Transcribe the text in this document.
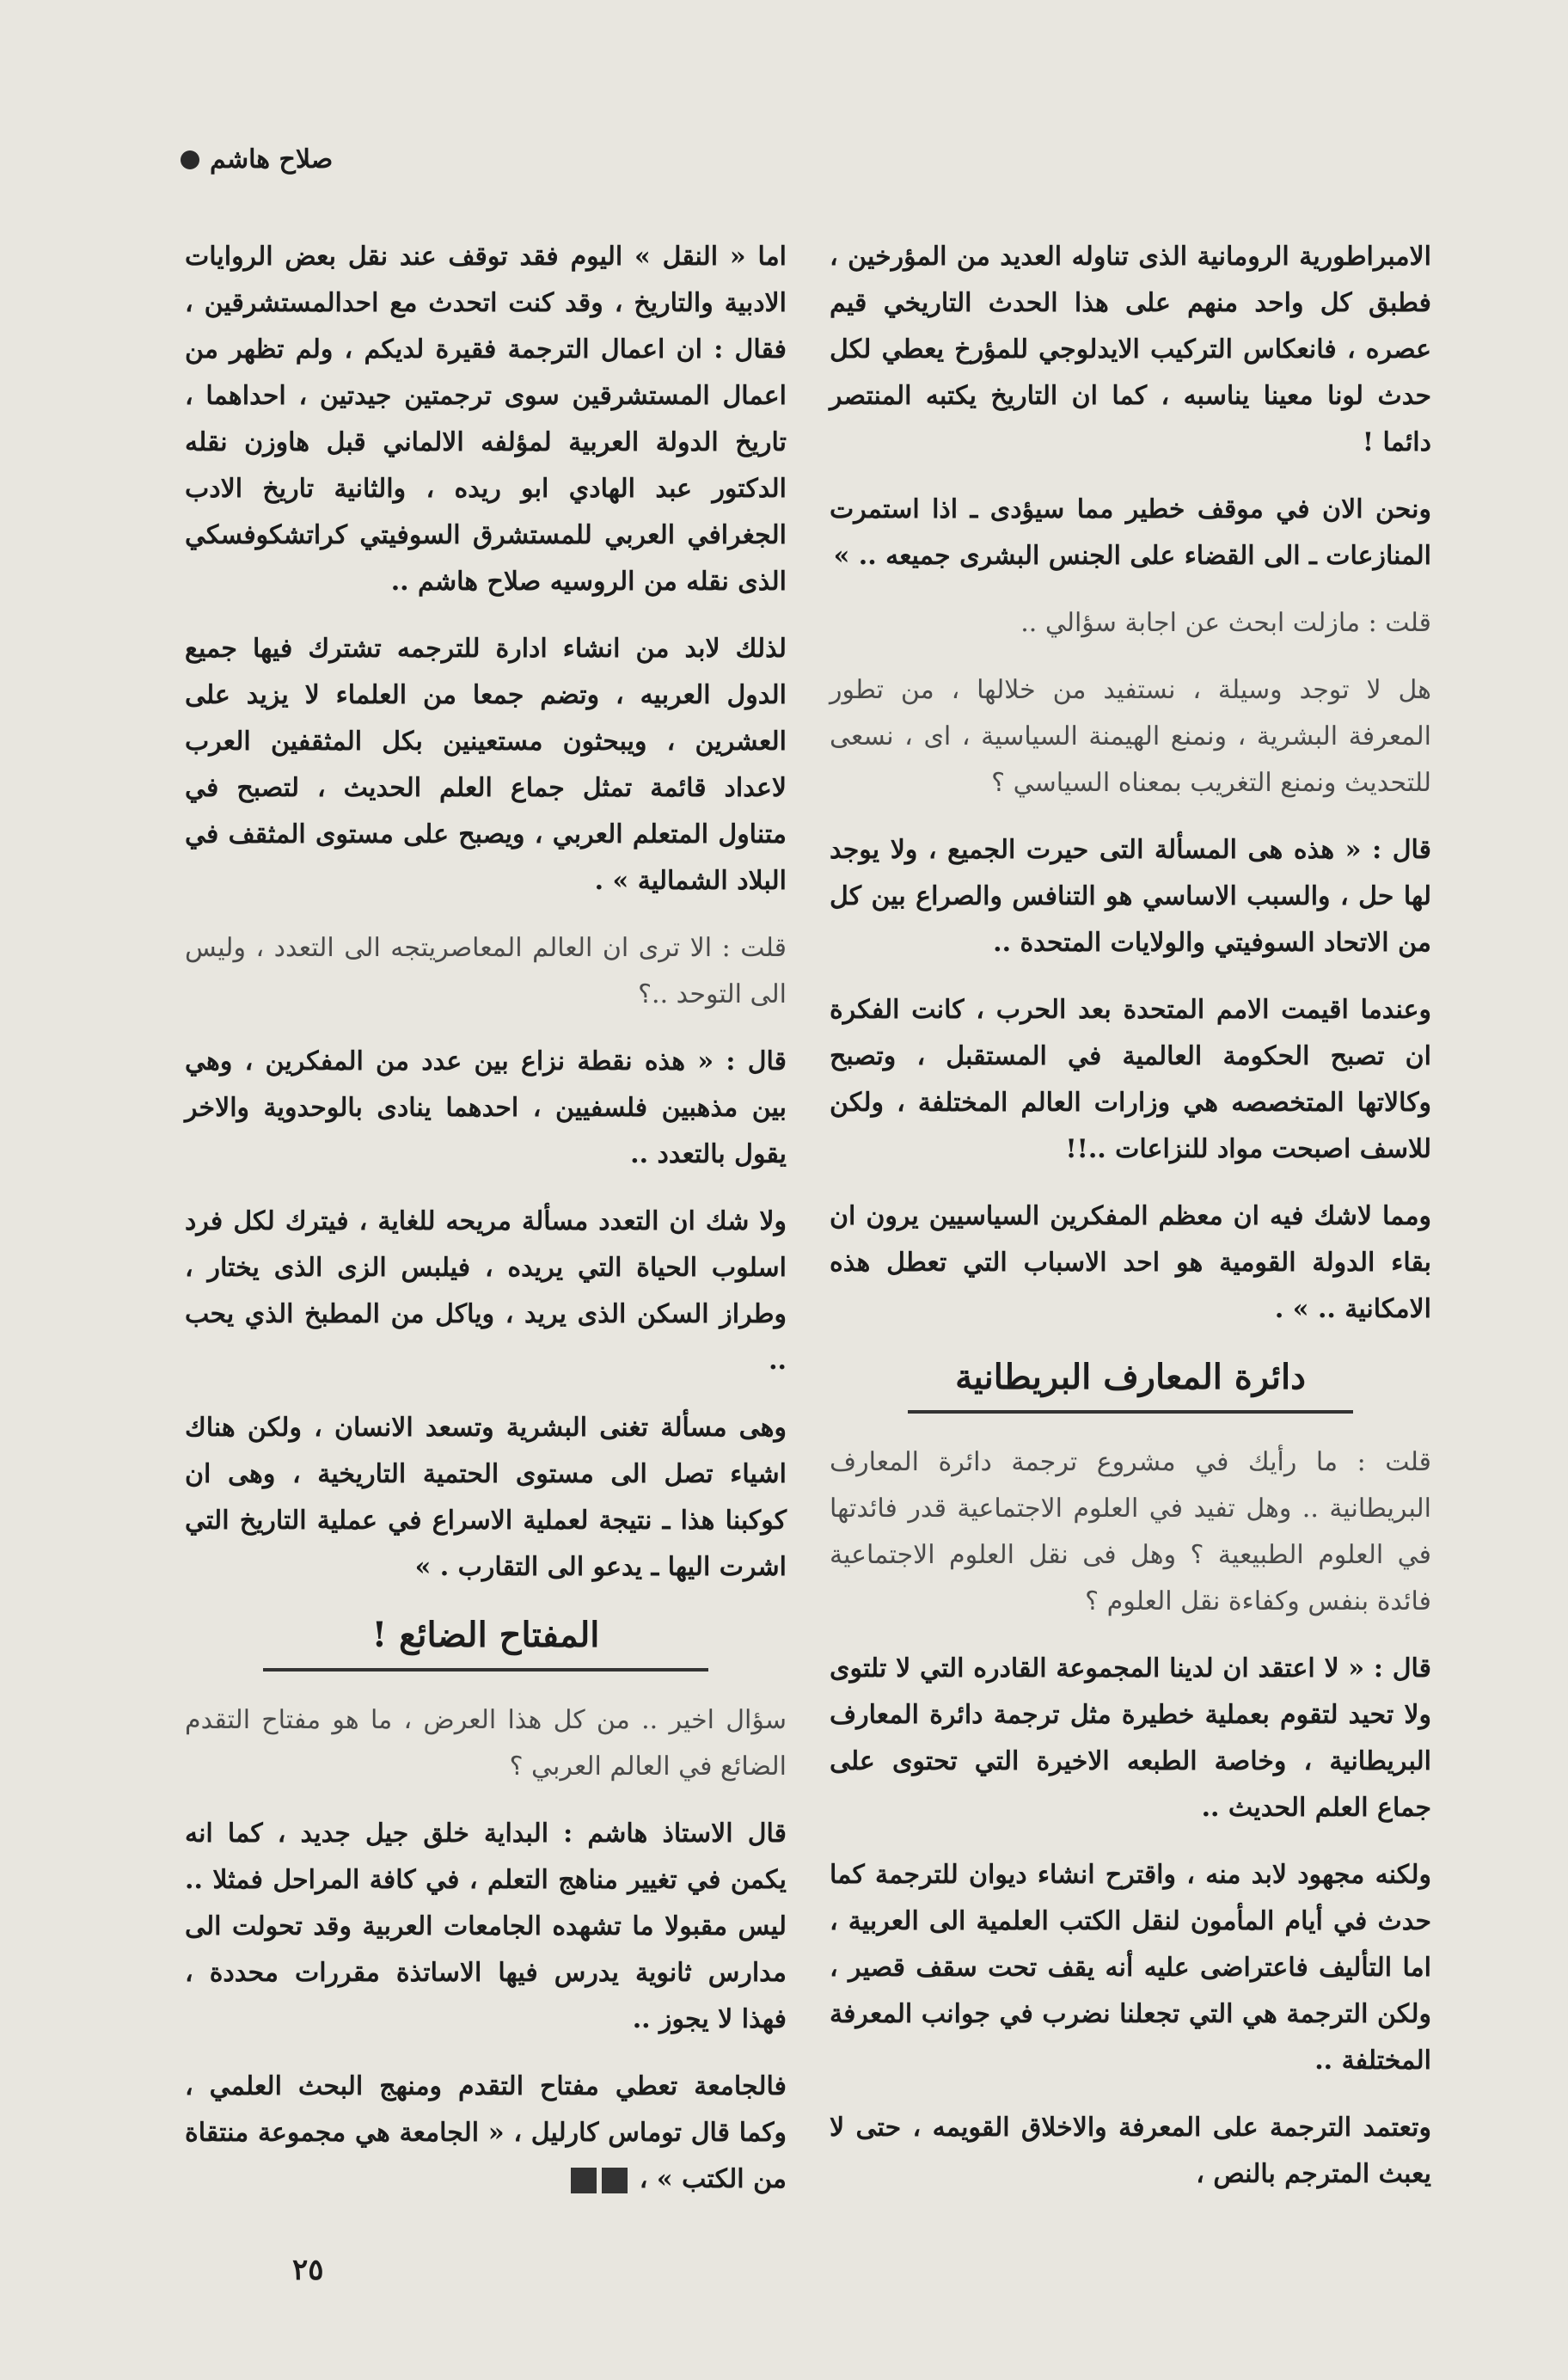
صلاح هاشم

الامبراطورية الرومانية الذى تناوله العديد من المؤرخين ، فطبق كل واحد منهم على هذا الحدث التاريخي قيم عصره ، فانعكاس التركيب الايدلوجي للمؤرخ يعطي لكل حدث لونا معينا يناسبه ، كما ان التاريخ يكتبه المنتصر دائما !

ونحن الان في موقف خطير مما سيؤدى ـ اذا استمرت المنازعات ـ الى القضاء على الجنس البشرى جميعه .. »

قلت : مازلت ابحث عن اجابة سؤالي ..

هل لا توجد وسيلة ، نستفيد من خلالها ، من تطور المعرفة البشرية ، ونمنع الهيمنة السياسية ، اى ، نسعى للتحديث ونمنع التغريب بمعناه السياسي ؟

قال : « هذه هى المسألة التى حيرت الجميع ، ولا يوجد لها حل ، والسبب الاساسي هو التنافس والصراع بين كل من الاتحاد السوفيتي والولايات المتحدة ..

وعندما اقيمت الامم المتحدة بعد الحرب ، كانت الفكرة ان تصبح الحكومة العالمية في المستقبل ، وتصبح وكالاتها المتخصصه هي وزارات العالم المختلفة ، ولكن للاسف اصبحت مواد للنزاعات ..!!

ومما لاشك فيه ان معظم المفكرين السياسيين يرون ان بقاء الدولة القومية هو احد الاسباب التي تعطل هذه الامكانية .. » .

دائرة المعارف البريطانية

قلت : ما رأيك في مشروع ترجمة دائرة المعارف البريطانية .. وهل تفيد في العلوم الاجتماعية قدر فائدتها في العلوم الطبيعية ؟ وهل فى نقل العلوم الاجتماعية فائدة بنفس وكفاءة نقل العلوم ؟

قال : « لا اعتقد ان لدينا المجموعة القادره التي لا تلتوى ولا تحيد لتقوم بعملية خطيرة مثل ترجمة دائرة المعارف البريطانية ، وخاصة الطبعه الاخيرة التي تحتوى على جماع العلم الحديث ..

ولكنه مجهود لابد منه ، واقترح انشاء ديوان للترجمة كما حدث في أيام المأمون لنقل الكتب العلمية الى العربية ، اما التأليف فاعتراضى عليه أنه يقف تحت سقف قصير ، ولكن الترجمة هي التي تجعلنا نضرب في جوانب المعرفة المختلفة ..

وتعتمد الترجمة على المعرفة والاخلاق القويمه ، حتى لا يعبث المترجم بالنص ،

اما « النقل » اليوم فقد توقف عند نقل بعض الروايات الادبية والتاريخ ، وقد كنت اتحدث مع احدالمستشرقين ، فقال : ان اعمال الترجمة فقيرة لديكم ، ولم تظهر من اعمال المستشرقين سوى ترجمتين جيدتين ، احداهما ، تاريخ الدولة العربية لمؤلفه الالماني قبل هاوزن نقله الدكتور عبد الهادي ابو ريده ، والثانية تاريخ الادب الجغرافي العربي للمستشرق السوفيتي كراتشكوفسكي الذى نقله من الروسيه صلاح هاشم ..

لذلك لابد من انشاء ادارة للترجمه تشترك فيها جميع الدول العربيه ، وتضم جمعا من العلماء لا يزيد على العشرين ، ويبحثون مستعينين بكل المثقفين العرب لاعداد قائمة تمثل جماع العلم الحديث ، لتصبح في متناول المتعلم العربي ، ويصبح على مستوى المثقف في البلاد الشمالية » .

قلت : الا ترى ان العالم المعاصريتجه الى التعدد ، وليس الى التوحد ..؟

قال : « هذه نقطة نزاع بين عدد من المفكرين ، وهي بين مذهبين فلسفيين ، احدهما ينادى بالوحدوية والاخر يقول بالتعدد ..

ولا شك ان التعدد مسألة مريحه للغاية ، فيترك لكل فرد اسلوب الحياة التي يريده ، فيلبس الزى الذى يختار ، وطراز السكن الذى يريد ، وياكل من المطبخ الذي يحب ..

وهى مسألة تغنى البشرية وتسعد الانسان ، ولكن هناك اشياء تصل الى مستوى الحتمية التاريخية ، وهى ان كوكبنا هذا ـ نتيجة لعملية الاسراع في عملية التاريخ التي اشرت اليها ـ يدعو الى التقارب . »

المفتاح الضائع !

سؤال اخير .. من كل هذا العرض ، ما هو مفتاح التقدم الضائع في العالم العربي ؟

قال الاستاذ هاشم : البداية خلق جيل جديد ، كما انه يكمن في تغيير مناهج التعلم ، في كافة المراحل فمثلا .. ليس مقبولا ما تشهده الجامعات العربية وقد تحولت الى مدارس ثانوية يدرس فيها الاساتذة مقررات محددة ، فهذا لا يجوز ..

فالجامعة تعطي مفتاح التقدم ومنهج البحث العلمي ، وكما قال توماس كارليل ، « الجامعة هي مجموعة منتقاة من الكتب » ،

٢٥
